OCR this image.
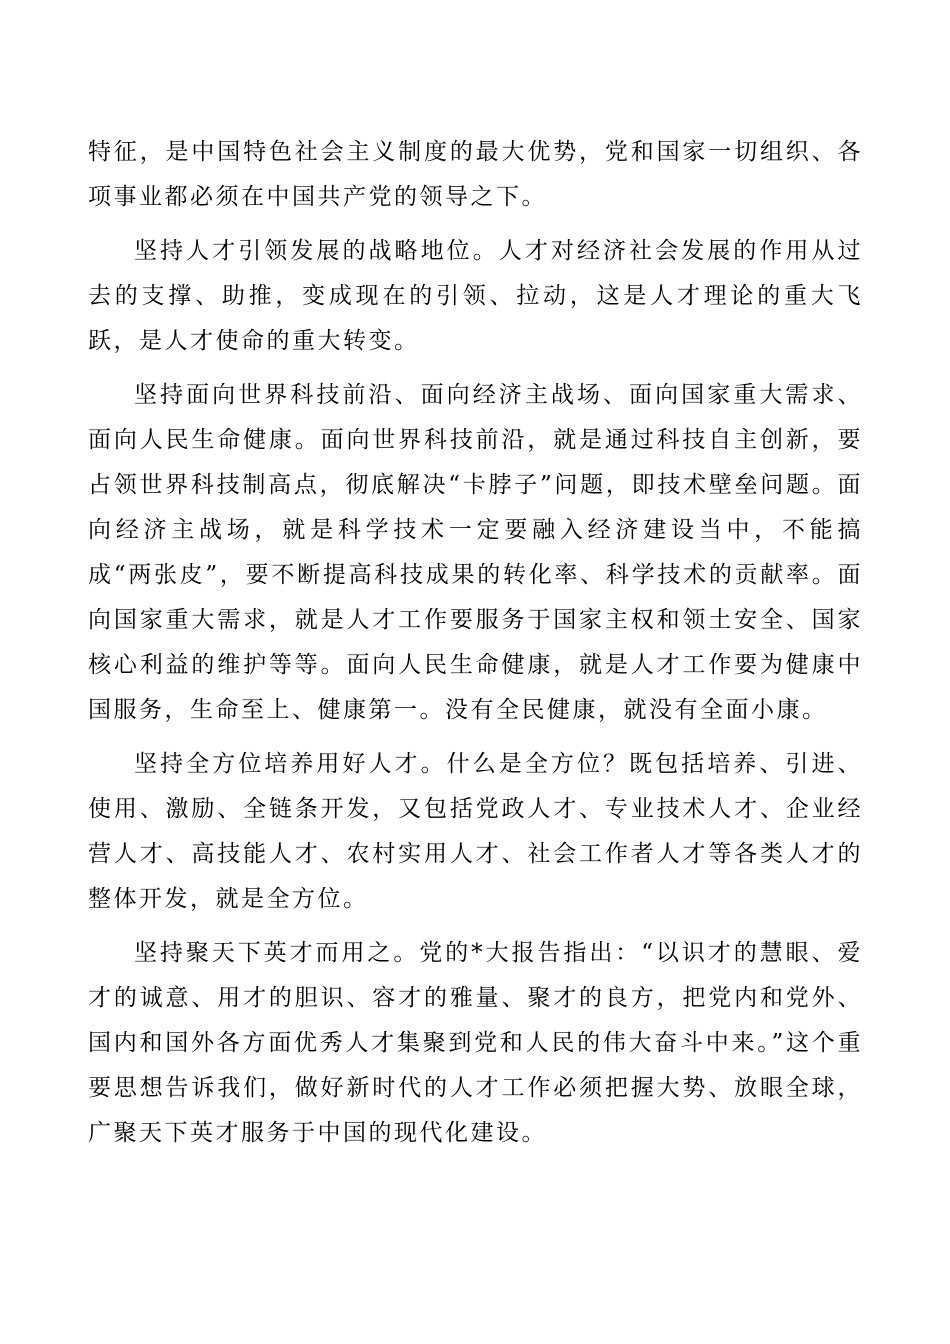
特征，是中国特色社会主义制度的最大优势，党和国家一切组织、各项事业都必须在中国共产党的领导之下。

坚持人才引领发展的战略地位。人才对经济社会发展的作用从过去的支撑、助推，变成现在的引领、拉动，这是人才理论的重大飞跃，是人才使命的重大转变。

坚持面向世界科技前沿、面向经济主战场、面向国家重大需求、面向人民生命健康。面向世界科技前沿，就是通过科技自主创新，要占领世界科技制高点，彻底解决“卡脖子”问题，即技术壁垒问题。面向经济主战场，就是科学技术一定要融入经济建设当中，不能搞成“两张皮”，要不断提高科技成果的转化率、科学技术的贡献率。面向国家重大需求，就是人才工作要服务于国家主权和领土安全、国家核心利益的维护等等。面向人民生命健康，就是人才工作要为健康中国服务，生命至上、健康第一。没有全民健康，就没有全面小康。

坚持全方位培养用好人才。什么是全方位？既包括培养、引进、使用、激励、全链条开发，又包括党政人才、专业技术人才、企业经营人才、高技能人才、农村实用人才、社会工作者人才等各类人才的整体开发，就是全方位。

坚持聚天下英才而用之。党的*大报告指出：“以识才的慧眼、爱才的诚意、用才的胆识、容才的雅量、聚才的良方，把党内和党外、国内和国外各方面优秀人才集聚到党和人民的伟大奋斗中来。”这个重要思想告诉我们，做好新时代的人才工作必须把握大势、放眼全球，广聚天下英才服务于中国的现代化建设。
